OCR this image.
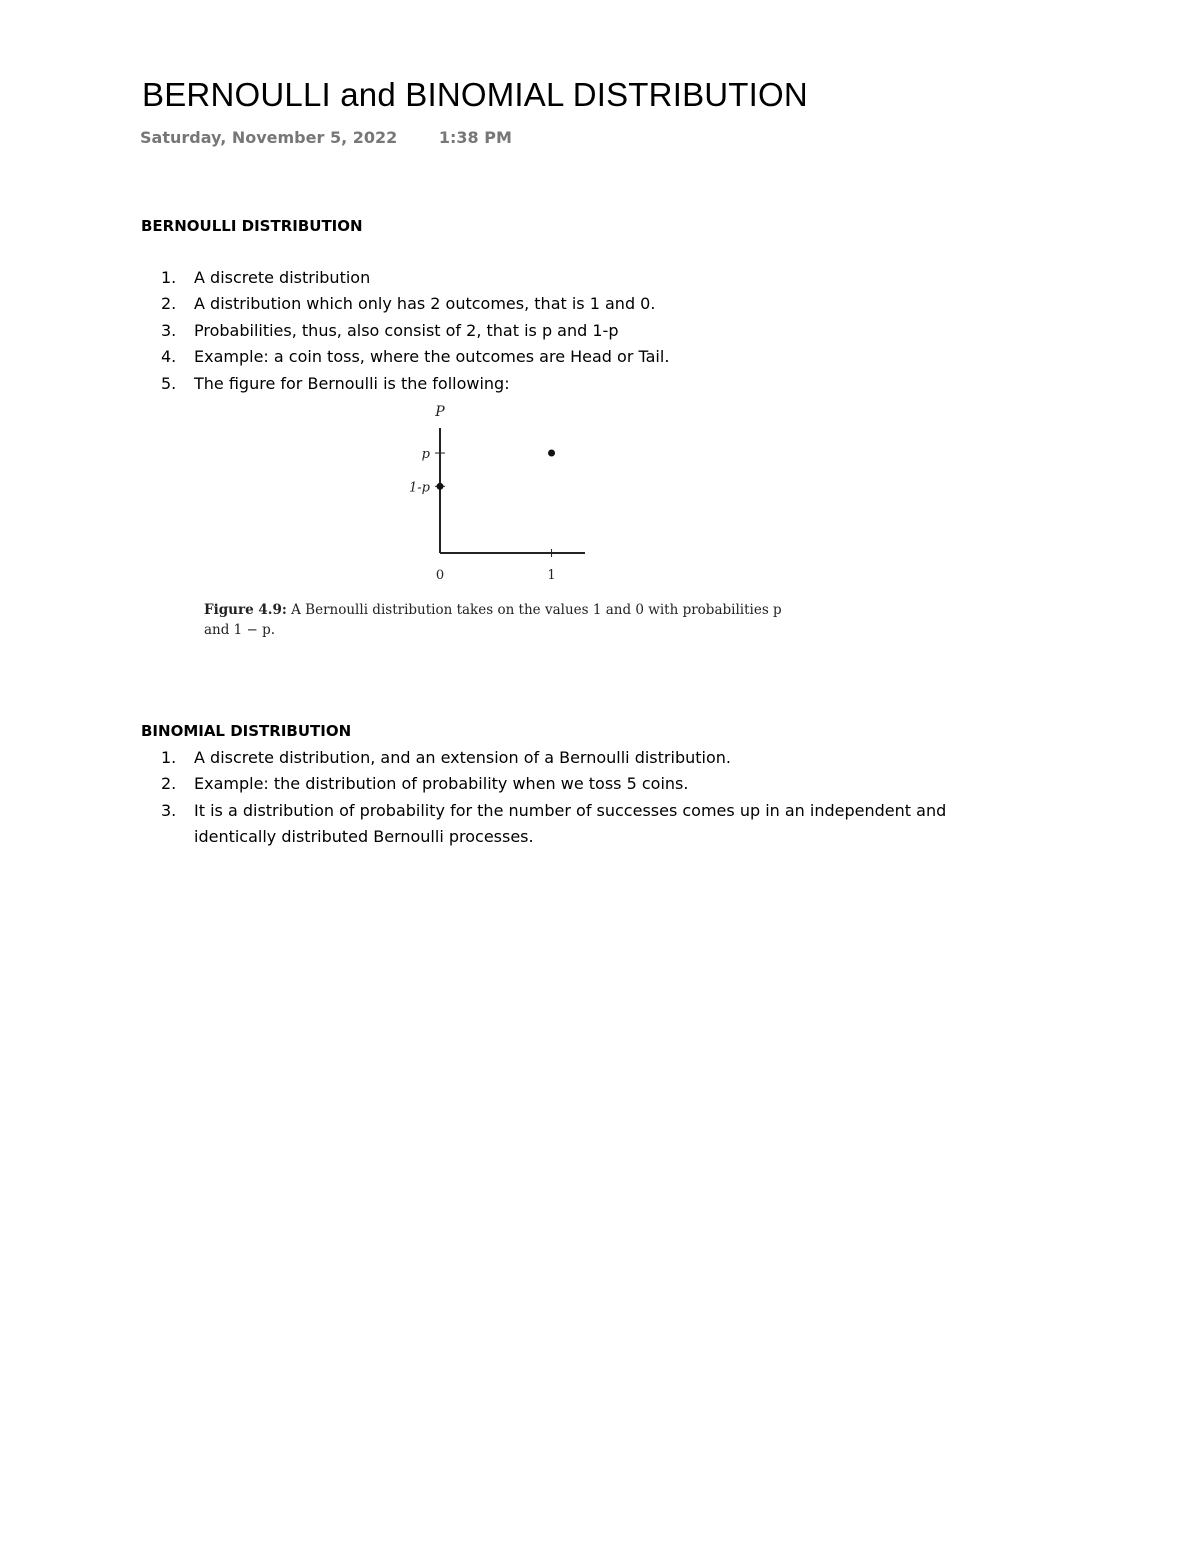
BERNOULLI and BINOMIAL DISTRIBUTION
Saturday, November 5, 2022	1:38 PM
BERNOULLI DISTRIBUTION
1. A discrete distribution
2. A distribution which only has 2 outcomes, that is 1 and 0.
3. Probabilities, thus, also consist of 2, that is p and 1-p
4. Example: a coin toss, where the outcomes are Head or Tail.
5. The figure for Bernoulli is the following:
P
0	1
1-p
p
Figure 4.9: A Bernoulli distribution takes on the values 1 and 0 with probabilities p and 1 − p.
BINOMIAL DISTRIBUTION
1. A discrete distribution, and an extension of a Bernoulli distribution.
2. Example: the distribution of probability when we toss 5 coins.
3. It is a distribution of probability for the number of successes comes up in an independent and identically distributed Bernoulli processes.
